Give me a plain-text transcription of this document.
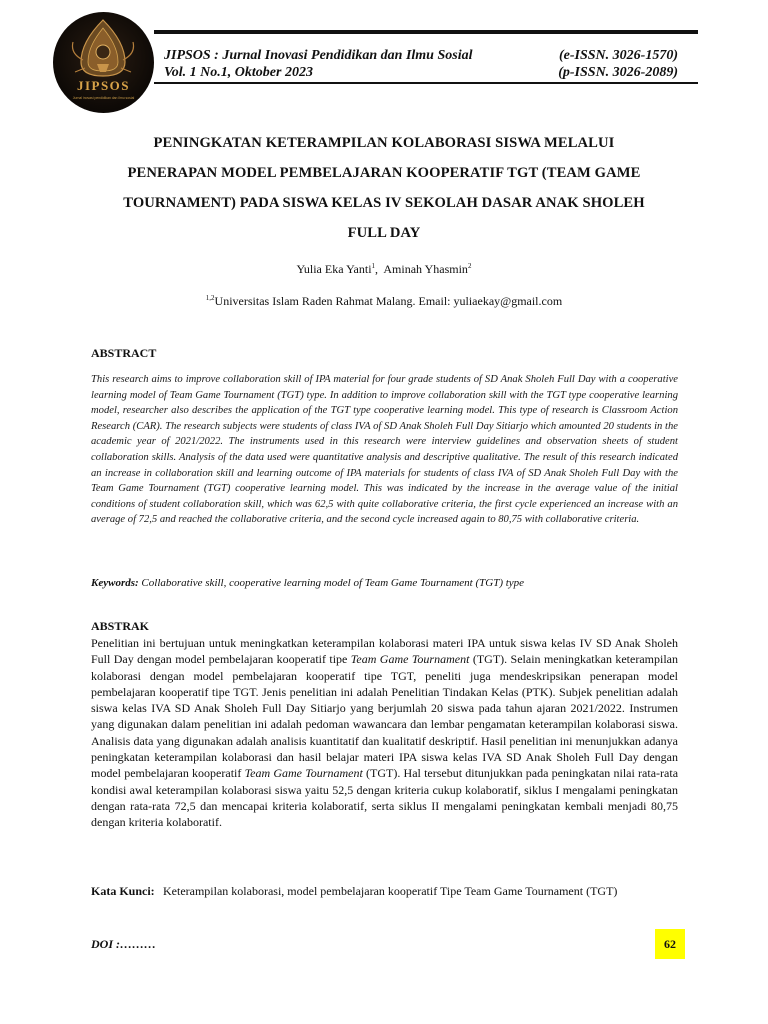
JIPSOS
Jurnal inovasi pendidikan dan ilmu sosial
JIPSOS : Jurnal Inovasi Pendidikan dan Ilmu Sosial
Vol. 1 No.1, Oktober 2023
(e-ISSN. 3026-1570)
(p-ISSN. 3026-2089)
PENINGKATAN KETERAMPILAN KOLABORASI SISWA MELALUI
PENERAPAN MODEL PEMBELAJARAN KOOPERATIF TGT (TEAM GAME
TOURNAMENT) PADA SISWA KELAS IV SEKOLAH DASAR ANAK SHOLEH
FULL DAY
Yulia Eka Yanti$^1$,  Aminah Yhasmin$^2$
$^{1,2}$Universitas Islam Raden Rahmat Malang. Email: yuliaekay@gmail.com
ABSTRACT
This research aims to improve collaboration skill of IPA material for four grade students of SD Anak Sholeh Full Day with a cooperative learning model of Team Game Tournament (TGT) type. In addition to improve collaboration skill with the TGT type cooperative learning model, researcher also describes the application of the TGT type cooperative learning model. This type of research is Classroom Action Research (CAR). The research subjects were students of class IVA of SD Anak Sholeh Full Day Sitiarjo which amounted 20 students in the academic year of 2021/2022. The instruments used in this research were interview guidelines and observation sheets of student collaboration skills. Analysis of the data used were quantitative analysis and descriptive qualitative. The result of this research indicated an increase in collaboration skill and learning outcome of IPA materials for students of class IVA of SD Anak Sholeh Full Day with the Team Game Tournament (TGT) cooperative learning model. This was indicated by the increase in the average value of the initial conditions of student collaboration skill, which was 62,5 with quite collaborative criteria, the first cycle experienced an increase with an average of 72,5 and reached the collaborative criteria, and the second cycle increased again to 80,75 with collaborative criteria.
Keywords: Collaborative skill, cooperative learning model of Team Game Tournament (TGT) type
ABSTRAK
Penelitian ini bertujuan untuk meningkatkan keterampilan kolaborasi materi IPA untuk siswa kelas IV SD Anak Sholeh Full Day dengan model pembelajaran kooperatif tipe Team Game Tournament (TGT). Selain meningkatkan keterampilan kolaborasi dengan model pembelajaran kooperatif tipe TGT, peneliti juga mendeskripsikan penerapan model pembelajaran kooperatif tipe TGT. Jenis penelitian ini adalah Penelitian Tindakan Kelas (PTK). Subjek penelitian adalah siswa kelas IVA SD Anak Sholeh Full Day Sitiarjo yang berjumlah 20 siswa pada tahun ajaran 2021/2022. Instrumen yang digunakan dalam penelitian ini adalah pedoman wawancara dan lembar pengamatan keterampilan kolaborasi siswa. Analisis data yang digunakan adalah analisis kuantitatif dan kualitatif deskriptif. Hasil penelitian ini menunjukkan adanya peningkatan keterampilan kolaborasi dan hasil belajar materi IPA siswa kelas IVA SD Anak Sholeh Full Day dengan model pembelajaran kooperatif Team Game Tournament (TGT). Hal tersebut ditunjukkan pada peningkatan nilai rata-rata kondisi awal keterampilan kolaborasi siswa yaitu 52,5 dengan kriteria cukup kolaboratif, siklus I mengalami peningkatan dengan rata-rata 72,5 dan mencapai kriteria kolaboratif, serta siklus II mengalami peningkatan kembali menjadi 80,75 dengan kriteria kolaboratif.
Kata Kunci: Keterampilan kolaborasi, model pembelajaran kooperatif Tipe Team Game Tournament (TGT)
DOI :………	62
